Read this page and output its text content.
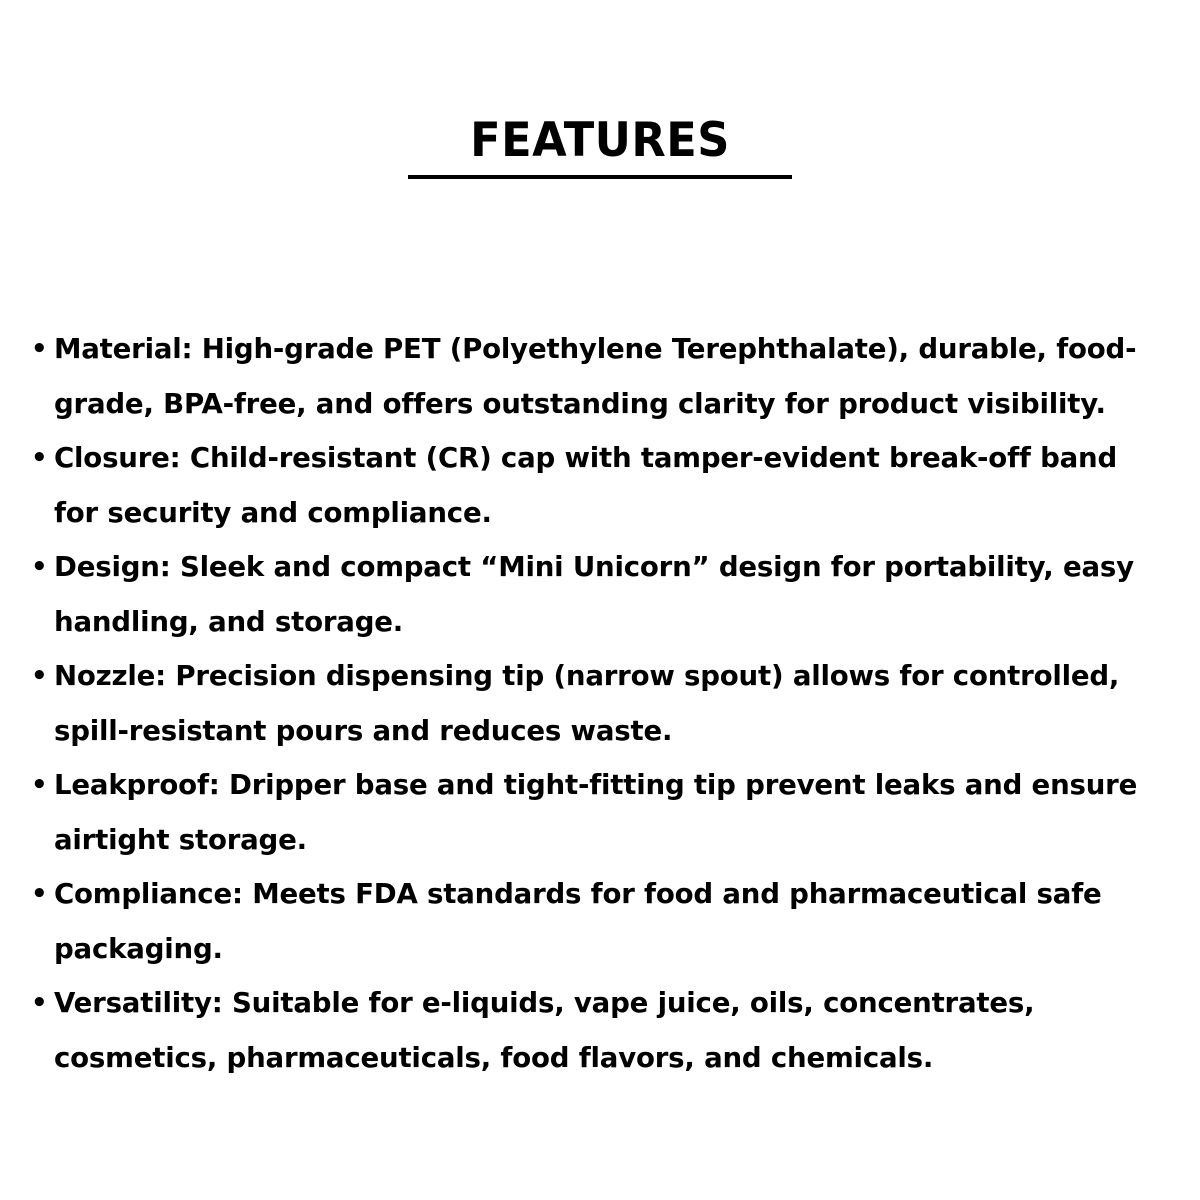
FEATURES
• Material: High-grade PET (Polyethylene Terephthalate), durable, food-
grade, BPA-free, and offers outstanding clarity for product visibility.
• Closure: Child-resistant (CR) cap with tamper-evident break-off band
for security and compliance.
• Design: Sleek and compact “Mini Unicorn” design for portability, easy
handling, and storage.
• Nozzle: Precision dispensing tip (narrow spout) allows for controlled,
spill-resistant pours and reduces waste.
• Leakproof: Dripper base and tight-fitting tip prevent leaks and ensure
airtight storage.
• Compliance: Meets FDA standards for food and pharmaceutical safe
packaging.
• Versatility: Suitable for e-liquids, vape juice, oils, concentrates,
cosmetics, pharmaceuticals, food flavors, and chemicals.
